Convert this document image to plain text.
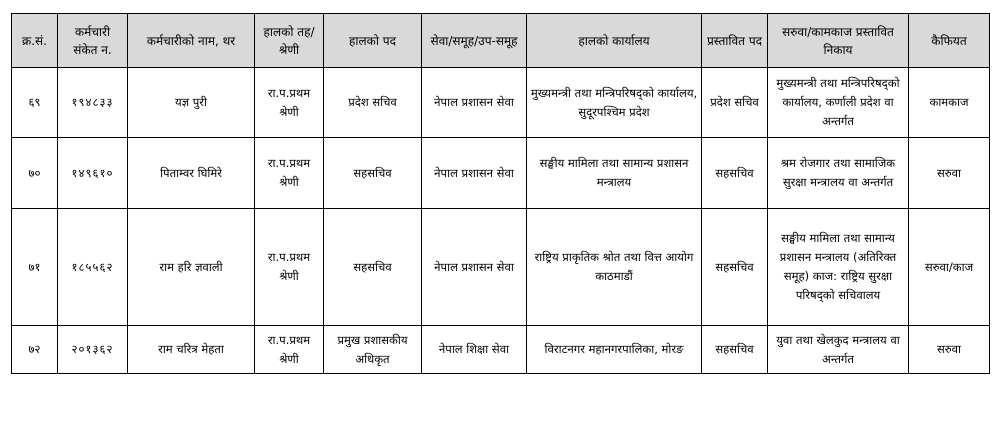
क्र.सं.	कर्मचारी संकेत न.	कर्मचारीको नाम, थर	हालको तह/श्रेणी	हालको पद	सेवा/समूह/उप-समूह	हालको कार्यालय	प्रस्तावित पद	सरुवा/कामकाज प्रस्तावित निकाय	कैफियत
६९	१९४८३३	यज्ञ पुरी	रा.प.प्रथम श्रेणी	प्रदेश सचिव	नेपाल प्रशासन सेवा	मुख्यमन्त्री तथा मन्त्रिपरिषद्को कार्यालय, सुदूरपश्चिम प्रदेश	प्रदेश सचिव	मुख्यमन्त्री तथा मन्त्रिपरिषद्को कार्यालय, कर्णाली प्रदेश वा अन्तर्गत	कामकाज
७०	१४९६१०	पिताम्वर घिमिरे	रा.प.प्रथम श्रेणी	सहसचिव	नेपाल प्रशासन सेवा	सङ्घीय मामिला तथा सामान्य प्रशासन मन्त्रालय	सहसचिव	श्रम रोजगार तथा सामाजिक सुरक्षा मन्त्रालय वा अन्तर्गत	सरुवा
७१	१८५५६२	राम हरि ज्ञवाली	रा.प.प्रथम श्रेणी	सहसचिव	नेपाल प्रशासन सेवा	राष्ट्रिय प्राकृतिक श्रोत तथा वित्त आयोग काठमाडौं	सहसचिव	सङ्घीय मामिला तथा सामान्य प्रशासन मन्त्रालय (अतिरिक्त समूह) काज: राष्ट्रिय सुरक्षा परिषद्को सचिवालय	सरुवा/काज
७२	२०१३६२	राम चरित्र मेहता	रा.प.प्रथम श्रेणी	प्रमुख प्रशासकीय अधिकृत	नेपाल शिक्षा सेवा	विराटनगर महानगरपालिका, मोरङ	सहसचिव	युवा तथा खेलकुद मन्त्रालय वा अन्तर्गत	सरुवा
